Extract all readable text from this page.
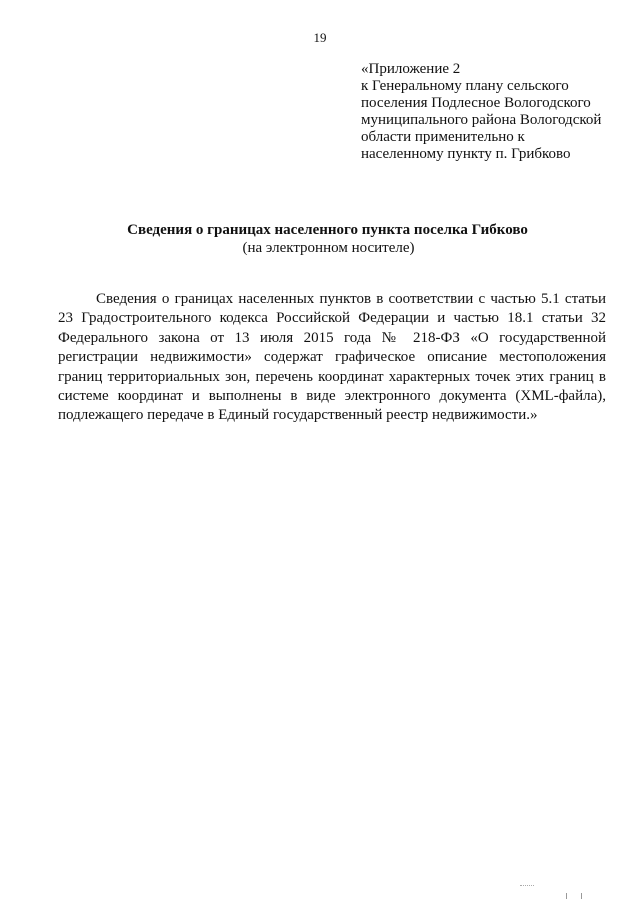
19
«Приложение 2
к Генеральному плану сельского
поселения Подлесное Вологодского
муниципального района Вологодской
области применительно к
населенному пункту п. Грибково
Сведения о границах населенного пункта поселка Гибково
(на электронном носителе)
Сведения о границах населенных пунктов в соответствии с частью 5.1 статьи
23 Градостроительного кодекса Российской Федерации и частью 18.1 статьи 32
Федерального закона от 13 июля 2015 года № 218-ФЗ «О государственной
регистрации недвижимости» содержат графическое описание местоположения
границ территориальных зон, перечень координат характерных точек этих границ в
системе координат и выполнены в виде электронного документа (XML-файла),
подлежащего передаче в Единый государственный реестр недвижимости.»
